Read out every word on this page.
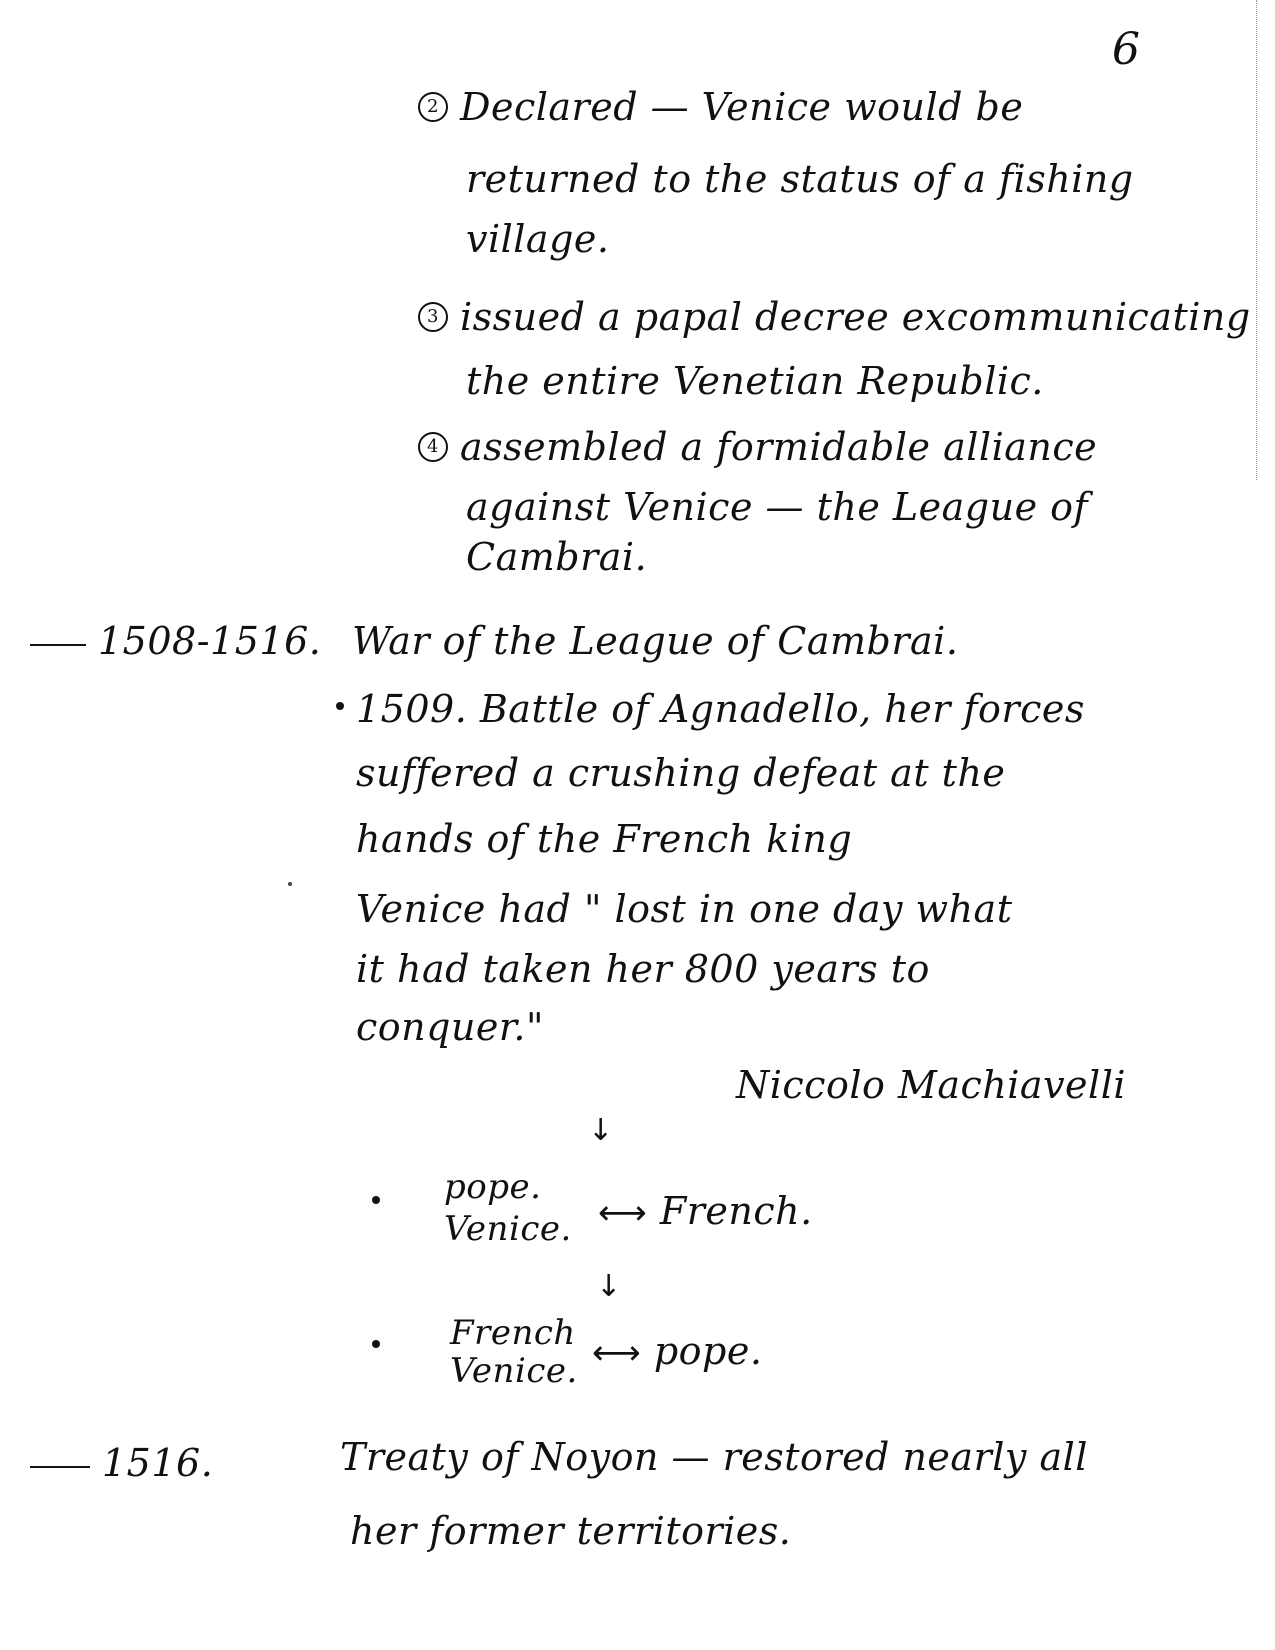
6
2 Declared — Venice would be
returned to the status of a fishing
village.
3 issued a papal decree excommunicating
the entire Venetian Republic.
4 assembled a formidable alliance
against Venice — the League of
Cambrai.
1508-1516. War of the League of Cambrai.
1509. Battle of Agnadello, her forces
suffered a crushing defeat at the
hands of the French king
Venice had " lost in one day what
it had taken her 800 years to
conquer."
Niccolo Machiavelli
↓
pope.
Venice. ⟷ French.
↓
French
Venice. ⟷ pope.
1516.	Treaty of Noyon — restored nearly all
her former territories.
